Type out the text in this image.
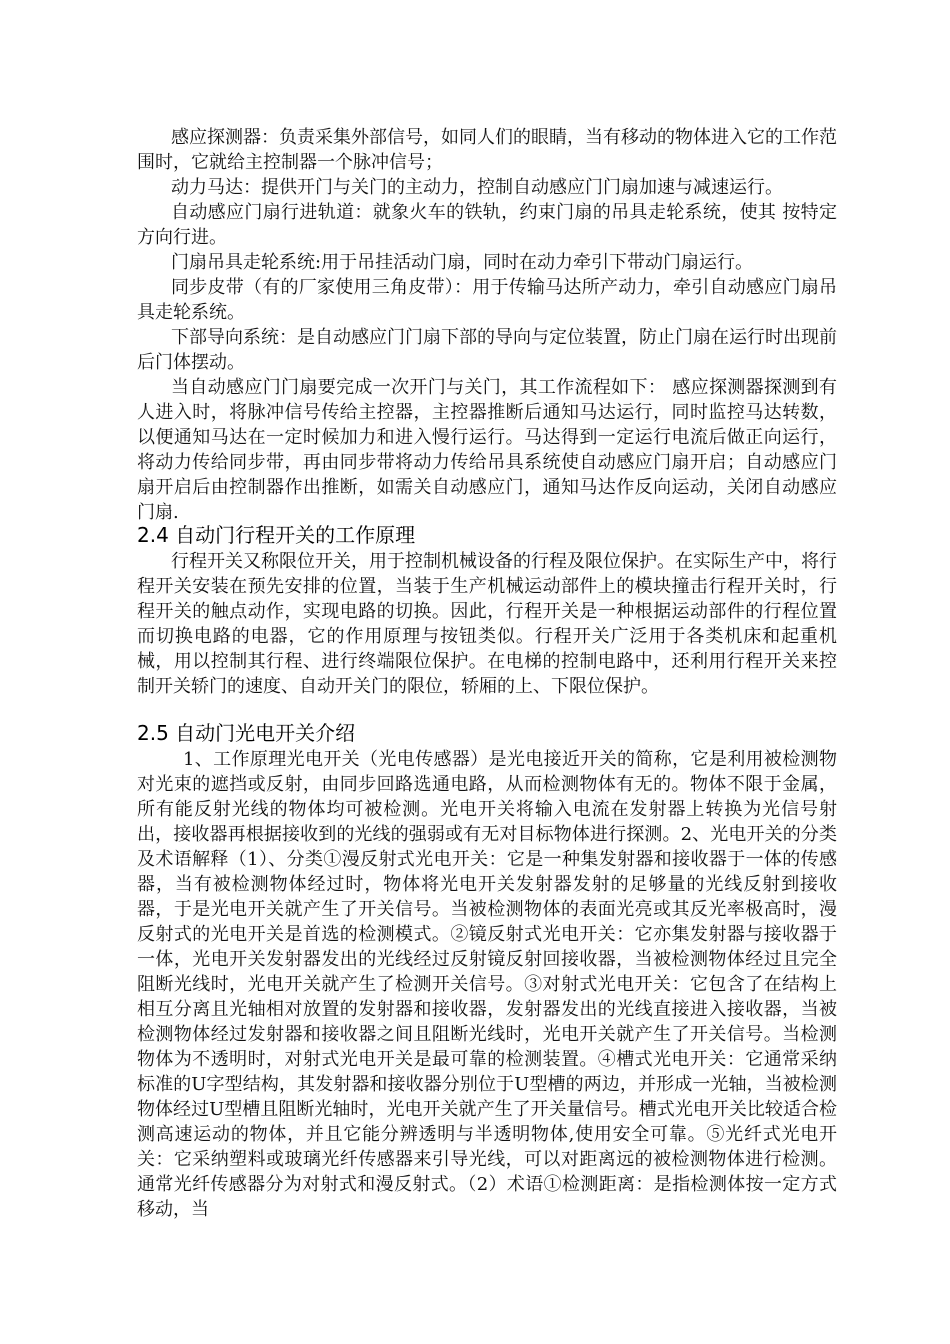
感应探测器：负责采集外部信号，如同人们的眼睛，当有移动的物体进入它的工作范围时，它就给主控制器一个脉冲信号；

动力马达：提供开门与关门的主动力，控制自动感应门门扇加速与减速运行。

自动感应门扇行进轨道：就象火车的铁轨，约束门扇的吊具走轮系统，使其 按特定方向行进。

门扇吊具走轮系统:用于吊挂活动门扇，同时在动力牵引下带动门扇运行。

同步皮带（有的厂家使用三角皮带）：用于传输马达所产动力，牵引自动感应门扇吊具走轮系统。

下部导向系统：是自动感应门门扇下部的导向与定位装置，防止门扇在运行时出现前后门体摆动。

当自动感应门门扇要完成一次开门与关门，其工作流程如下： 感应探测器探测到有人进入时，将脉冲信号传给主控器，主控器推断后通知马达运行，同时监控马达转数，以便通知马达在一定时候加力和进入慢行运行。马达得到一定运行电流后做正向运行，将动力传给同步带，再由同步带将动力传给吊具系统使自动感应门扇开启；自动感应门扇开启后由控制器作出推断，如需关自动感应门，通知马达作反向运动，关闭自动感应门扇.

2.4 自动门行程开关的工作原理

行程开关又称限位开关，用于控制机械设备的行程及限位保护。在实际生产中，将行程开关安装在预先安排的位置，当装于生产机械运动部件上的模块撞击行程开关时，行程开关的触点动作，实现电路的切换。因此，行程开关是一种根据运动部件的行程位置而切换电路的电器，它的作用原理与按钮类似。行程开关广泛用于各类机床和起重机械，用以控制其行程、进行终端限位保护。在电梯的控制电路中，还利用行程开关来控制开关轿门的速度、自动开关门的限位，轿厢的上、下限位保护。

2.5 自动门光电开关介绍

1、工作原理光电开关（光电传感器）是光电接近开关的简称，它是利用被检测物对光束的遮挡或反射，由同步回路选通电路，从而检测物体有无的。物体不限于金属，所有能反射光线的物体均可被检测。光电开关将输入电流在发射器上转换为光信号射出，接收器再根据接收到的光线的强弱或有无对目标物体进行探测。2、光电开关的分类及术语解释（1）、分类①漫反射式光电开关：它是一种集发射器和接收器于一体的传感器，当有被检测物体经过时，物体将光电开关发射器发射的足够量的光线反射到接收器，于是光电开关就产生了开关信号。当被检测物体的表面光亮或其反光率极高时，漫反射式的光电开关是首选的检测模式。②镜反射式光电开关：它亦集发射器与接收器于一体，光电开关发射器发出的光线经过反射镜反射回接收器，当被检测物体经过且完全阻断光线时，光电开关就产生了检测开关信号。③对射式光电开关：它包含了在结构上相互分离且光轴相对放置的发射器和接收器，发射器发出的光线直接进入接收器，当被检测物体经过发射器和接收器之间且阻断光线时，光电开关就产生了开关信号。当检测物体为不透明时，对射式光电开关是最可靠的检测装置。④槽式光电开关：它通常采纳标准的U字型结构，其发射器和接收器分别位于U型槽的两边，并形成一光轴，当被检测物体经过U型槽且阻断光轴时，光电开关就产生了开关量信号。槽式光电开关比较适合检测高速运动的物体，并且它能分辨透明与半透明物体,使用安全可靠。⑤光纤式光电开关：它采纳塑料或玻璃光纤传感器来引导光线，可以对距离远的被检测物体进行检测。通常光纤传感器分为对射式和漫反射式。（2）术语①检测距离：是指检测体按一定方式移动，当
